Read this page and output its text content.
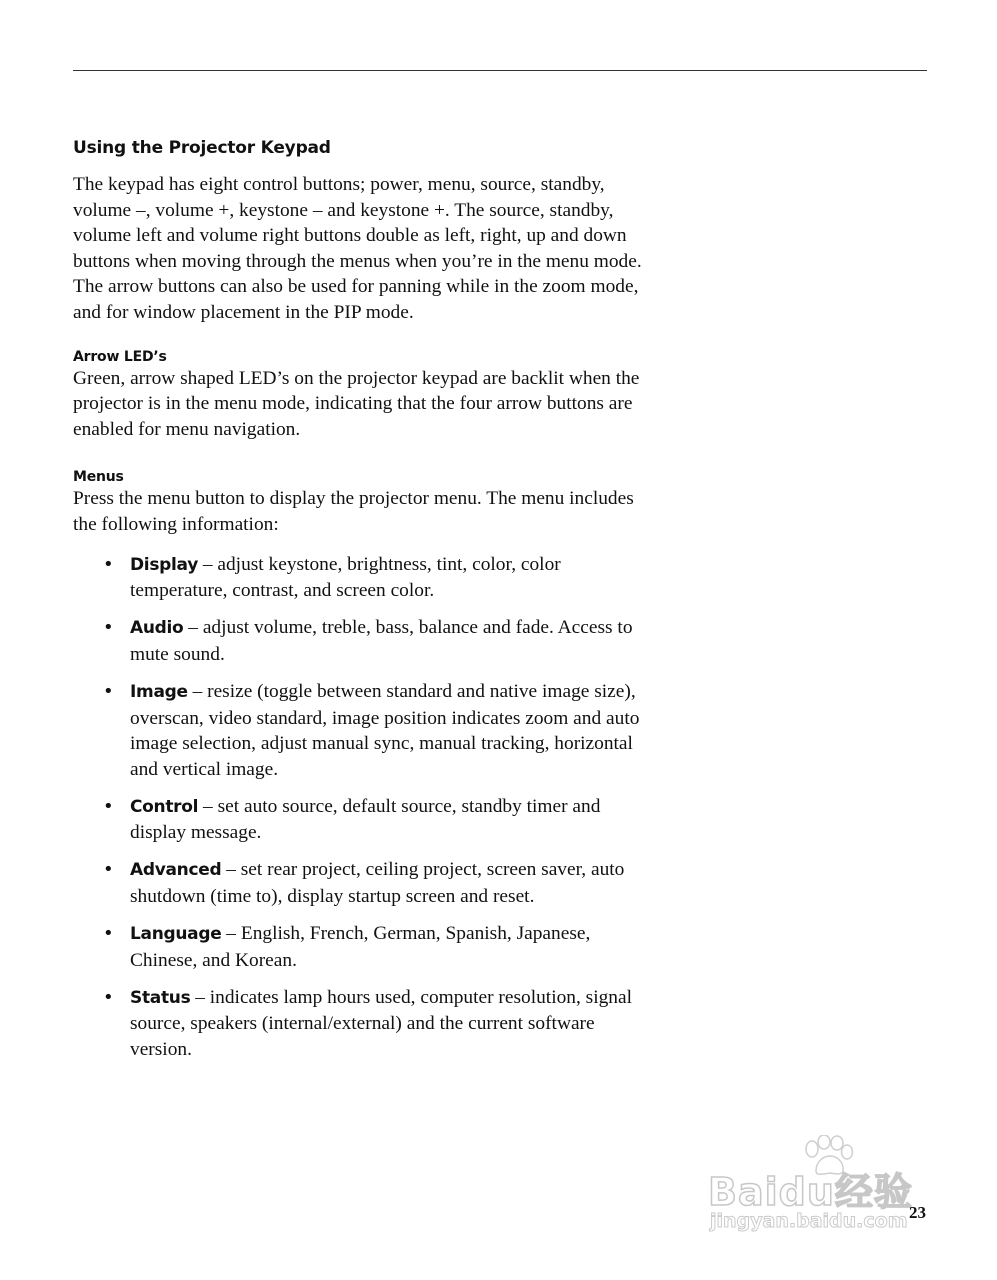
Using the Projector Keypad

The keypad has eight control buttons; power, menu, source, standby, volume –, volume +, keystone – and keystone +. The source, standby, volume left and volume right buttons double as left, right, up and down buttons when moving through the menus when you’re in the menu mode. The arrow buttons can also be used for panning while in the zoom mode, and for window placement in the PIP mode.

Arrow LED’s

Green, arrow shaped LED’s on the projector keypad are backlit when the projector is in the menu mode, indicating that the four arrow buttons are enabled for menu navigation.

Menus

Press the menu button to display the projector menu. The menu includes the following information:

• Display – adjust keystone, brightness, tint, color, color temperature, contrast, and screen color.
• Audio – adjust volume, treble, bass, balance and fade. Access to mute sound.
• Image – resize (toggle between standard and native image size), overscan, video standard, image position indicates zoom and auto image selection, adjust manual sync, manual tracking, horizontal and vertical image.
• Control – set auto source, default source, standby timer and display message.
• Advanced – set rear project, ceiling project, screen saver, auto shutdown (time to), display startup screen and reset.
• Language – English, French, German, Spanish, Japanese, Chinese, and Korean.
• Status – indicates lamp hours used, computer resolution, signal source, speakers (internal/external) and the current software version.
Baidu经验
jingyan.baidu.com 23
